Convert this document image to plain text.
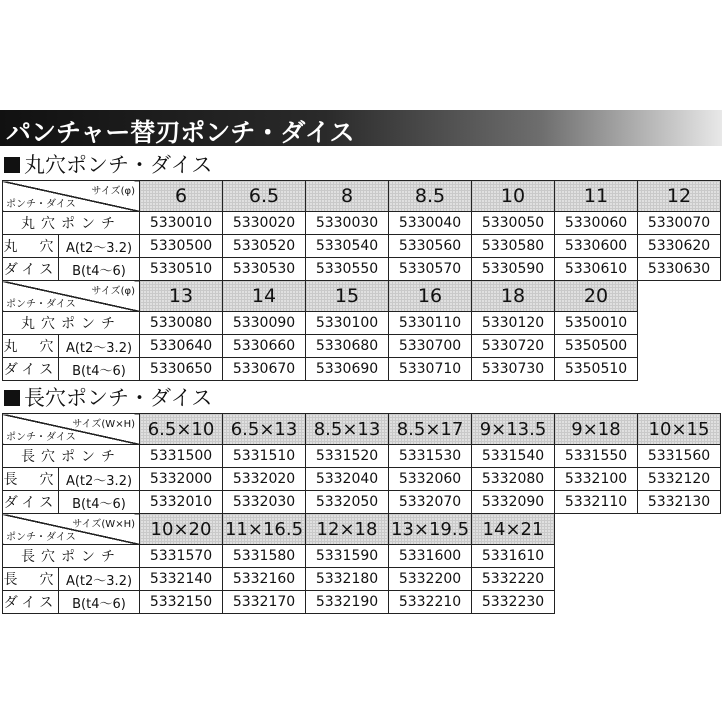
パンチャー替刃ポンチ・ダイス
丸穴ポンチ・ダイス
サイズ(φ)
ポンチ・ダイス		6	6.5	8	8.5	10	11	12
丸穴ポンチ		5330010	5330020	5330030	5330040	5330050	5330060	5330070
丸　穴	A(t2～3.2)	5330500	5330520	5330540	5330560	5330580	5330600	5330620
ダイス	B(t4～6)	5330510	5330530	5330550	5330570	5330590	5330610	5330630

サイズ(φ)
ポンチ・ダイス		13	14	15	16	18	20	
丸穴ポンチ		5330080	5330090	5330100	5330110	5330120	5350010	
丸　穴	A(t2～3.2)	5330640	5330660	5330680	5330700	5330720	5350500	
ダイス	B(t4～6)	5330650	5330670	5330690	5330710	5330730	5350510	
長穴ポンチ・ダイス
サイズ(W×H)
ポンチ・ダイス		6.5×10	6.5×13	8.5×13	8.5×17	9×13.5	9×18	10×15
長穴ポンチ		5331500	5331510	5331520	5331530	5331540	5331550	5331560
長　穴	A(t2～3.2)	5332000	5332020	5332040	5332060	5332080	5332100	5332120
ダイス	B(t4～6)	5332010	5332030	5332050	5332070	5332090	5332110	5332130

サイズ(W×H)
ポンチ・ダイス		10×20	11×16.5	12×18	13×19.5	14×21		
長穴ポンチ		5331570	5331580	5331590	5331600	5331610		
長　穴	A(t2～3.2)	5332140	5332160	5332180	5332200	5332220		
ダイス	B(t4～6)	5332150	5332170	5332190	5332210	5332230		
